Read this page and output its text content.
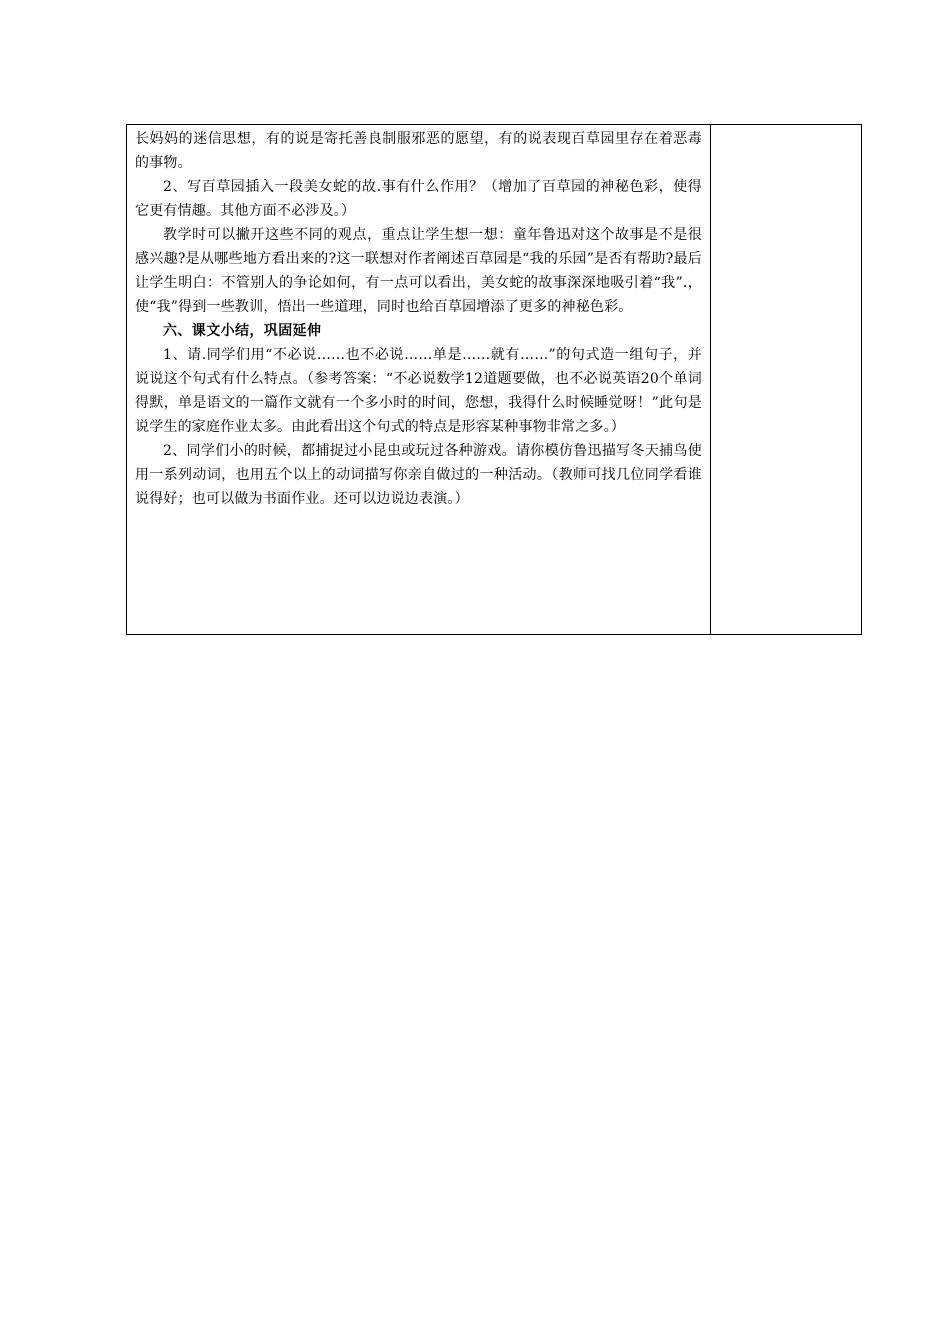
长妈妈的迷信思想，有的说是寄托善良制服邪恶的愿望，有的说表现百草园里存在着恶毒的事物。

2、写百草园插入一段美女蛇的故.事有什么作用？（增加了百草园的神秘色彩，使得它更有情趣。其他方面不必涉及。）

教学时可以撇开这些不同的观点，重点让学生想一想：童年鲁迅对这个故事是不是很感兴趣?是从哪些地方看出来的?这一联想对作者阐述百草园是“我的乐园”是否有帮助?最后让学生明白：不管别人的争论如何，有一点可以看出，美女蛇的故事深深地吸引着“我”.，使“我”得到一些教训，悟出一些道理，同时也给百草园增添了更多的神秘色彩。

六、课文小结，巩固延伸

1、请.同学们用“不必说……也不必说……单是……就有……”的句式造一组句子，并说说这个句式有什么特点。（参考答案：“不必说数学12道题要做，也不必说英语20个单词得默，单是语文的一篇作文就有一个多小时的时间，您想，我得什么时候睡觉呀！”此句是说学生的家庭作业太多。由此看出这个句式的特点是形容某种事物非常之多。）

2、同学们小的时候，都捕捉过小昆虫或玩过各种游戏。请你模仿鲁迅描写冬天捕鸟使用一系列动词，也用五个以上的动词描写你亲自做过的一种活动。（教师可找几位同学看谁说得好；也可以做为书面作业。还可以边说边表演。）
